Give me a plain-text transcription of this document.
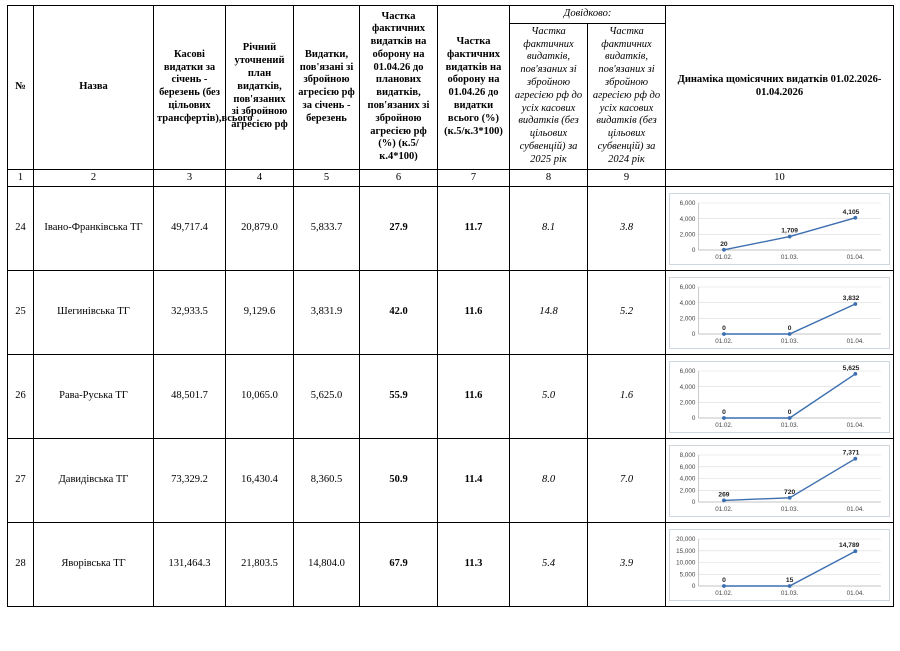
№	Назва	Касові видатки за січень - березень (без цільових трансфертів),всього	Річний уточнений план видатків, пов'язаних зі збройною агресією рф	Видатки, пов'язані зі збройною агресією рф за січень - березень	Частка фактичних видатків на оборону на 01.04.26 до планових видатків, пов'язаних зі збройною агресією рф (%) (к.5/к.4*100)	Частка фактичних видатків на оборону на 01.04.26 до видатки всього (%) (к.5/к.3*100)	Довідково:		Динаміка щомісячних видатків 01.02.2026-01.04.2026
							Частка фактичних видатків, пов'язаних зі збройною агресією рф до усіх касових видатків (без цільових субвенцій) за 2025 рік	Частка фактичних видатків, пов'язаних зі збройною агресією рф до усіх касових видатків (без цільових субвенцій) за 2024 рік	
1	2	3	4	5	6	7	8	9	10
24	Івано-Франківська ТГ	49,717.4	20,879.0	5,833.7	27.9	11.7	8.1	3.8	
0
2,000
4,000
6,000
20
1,709
4,105
01.02.	01.03.	01.04.

25	Шегинівська ТГ	32,933.5	9,129.6	3,831.9	42.0	11.6	14.8	5.2	
0
2,000
4,000
6,000
0	0
3,832
01.02.	01.03.	01.04.

26	Рава-Руська ТГ	48,501.7	10,065.0	5,625.0	55.9	11.6	5.0	1.6	
0
2,000
4,000
6,000
0	0
5,625
01.02.	01.03.	01.04.

27	Давидівська ТГ	73,329.2	16,430.4	8,360.5	50.9	11.4	8.0	7.0	
0
2,000
4,000
6,000
8,000
269	720
7,371
01.02.	01.03.	01.04.

28	Яворівська ТГ	131,464.3	21,803.5	14,804.0	67.9	11.3	5.4	3.9	
0
5,000
10,000
15,000
20,000
0	15
14,789
01.02.	01.03.	01.04.
